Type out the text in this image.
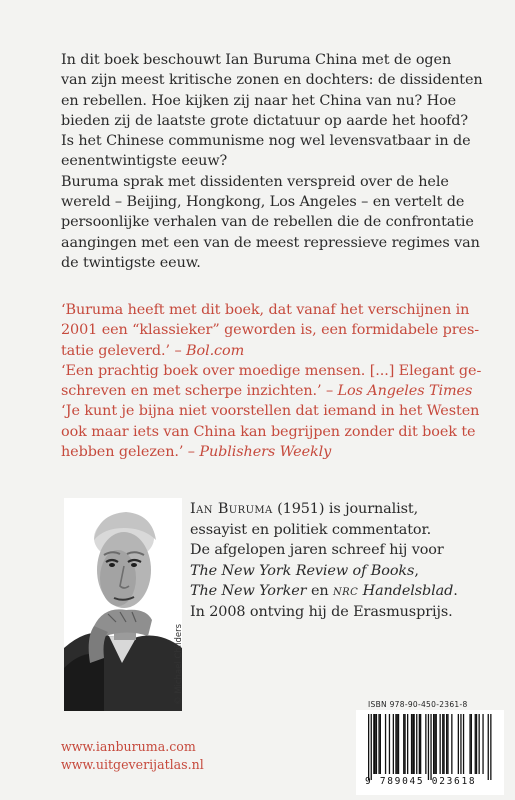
In dit boek beschouwt Ian Buruma China met de ogen
van zijn meest kritische zonen en dochters: de dissidenten
en rebellen. Hoe kijken zij naar het China van nu? Hoe
bieden zij de laatste grote dictatuur op aarde het hoofd?
Is het Chinese communisme nog wel levensvatbaar in de
eenentwintigste eeuw?

Buruma sprak met dissidenten verspreid over de hele
wereld – Beijing, Hongkong, Los Angeles – en vertelt de
persoonlijke verhalen van de rebellen die de confrontatie
aangingen met een van de meest repressieve regimes van
de twintigste eeuw.

‘Buruma heeft met dit boek, dat vanaf het verschijnen in
2001 een “klassieker” geworden is, een formidabele pres-
tatie geleverd.’ – Bol.com

‘Een prachtig boek over moedige mensen. [...] Elegant ge-
schreven en met scherpe inzichten.’ – Los Angeles Times

‘Je kunt je bijna niet voorstellen dat iemand in het Westen
ook maar iets van China kan begrijpen zonder dit boek te
hebben gelezen.’ – Publishers Weekly

© Michael Childers
Ian Buruma (1951) is journalist,
essayist en politiek commentator.
De afgelopen jaren schreef hij voor
The New York Review of Books,
The New Yorker en nrc Handelsblad.
In 2008 ontving hij de Erasmusprijs.
ISBN 978-90-450-2361-8
9 789045 023618
www.ianburuma.com
www.uitgeverijatlas.nl
